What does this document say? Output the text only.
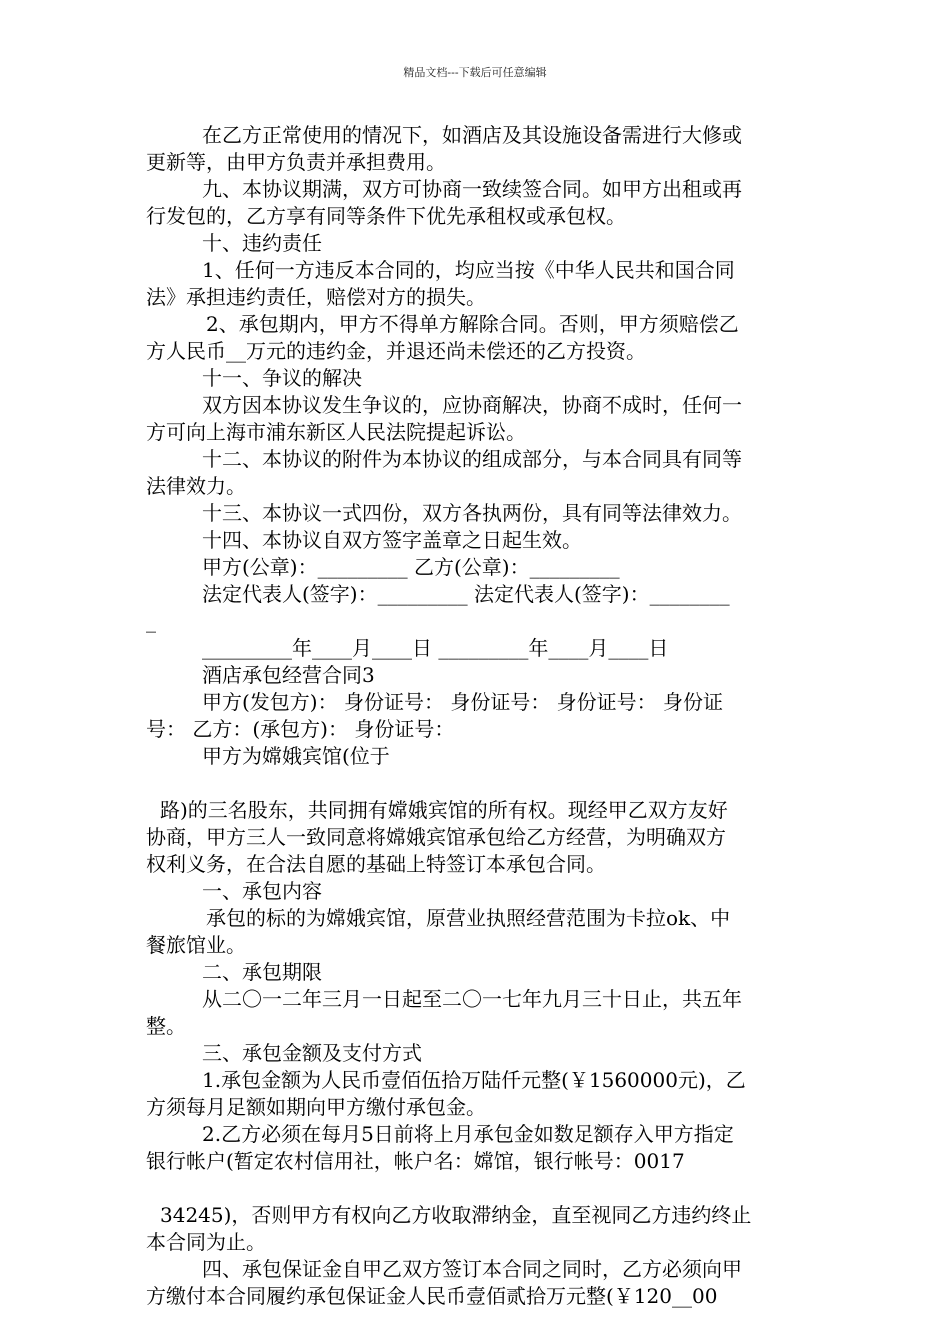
精品文档---下载后可任意编辑
在乙方正常使用的情况下，如酒店及其设施设备需进行大修或
更新等，由甲方负责并承担费用。
九、本协议期满，双方可协商一致续签合同。如甲方出租或再
行发包的，乙方享有同等条件下优先承租权或承包权。
十、违约责任
1、任何一方违反本合同的，均应当按《中华人民共和国合同
法》承担违约责任，赔偿对方的损失。
2、承包期内，甲方不得单方解除合同。否则，甲方须赔偿乙
方人民币__万元的违约金，并退还尚未偿还的乙方投资。
十一、争议的解决
双方因本协议发生争议的，应协商解决，协商不成时，任何一
方可向上海市浦东新区人民法院提起诉讼。
十二、本协议的附件为本协议的组成部分，与本合同具有同等
法律效力。
十三、本协议一式四份，双方各执两份，具有同等法律效力。
十四、本协议自双方签字盖章之日起生效。
甲方(公章)：_________ 乙方(公章)：_________
法定代表人(签字)：_________ 法定代表人(签字)：________
_
_________年____月____日 _________年____月____日
酒店承包经营合同3
甲方(发包方)： 身份证号： 身份证号： 身份证号： 身份证
号： 乙方：(承包方)： 身份证号：
甲方为嫦娥宾馆(位于
路)的三名股东，共同拥有嫦娥宾馆的所有权。现经甲乙双方友好
协商，甲方三人一致同意将嫦娥宾馆承包给乙方经营，为明确双方
权利义务，在合法自愿的基础上特签订本承包合同。
一、承包内容
承包的标的为嫦娥宾馆，原营业执照经营范围为卡拉ok、中
餐旅馆业。
二、承包期限
从二〇一二年三月一日起至二〇一七年九月三十日止，共五年
整。
三、承包金额及支付方式
1.承包金额为人民币壹佰伍拾万陆仟元整(￥1560000元)，乙
方须每月足额如期向甲方缴付承包金。
2.乙方必须在每月5日前将上月承包金如数足额存入甲方指定
银行帐户(暂定农村信用社，帐户名：嫦馆，银行帐号：0017
34245)，否则甲方有权向乙方收取滞纳金，直至视同乙方违约终止
本合同为止。
四、承包保证金自甲乙双方签订本合同之同时，乙方必须向甲
方缴付本合同履约承包保证金人民币壹佰贰拾万元整(￥120__00
